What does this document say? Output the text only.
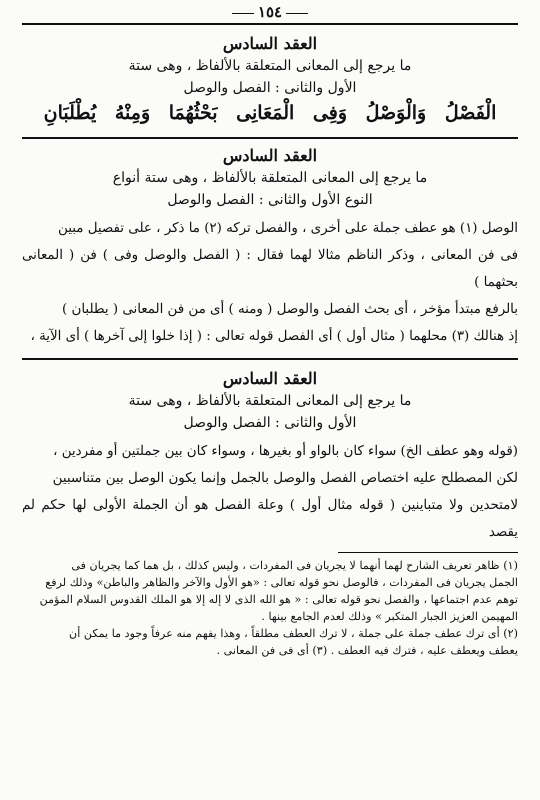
١٥٤
العقد السادس
ما يرجع إلى المعانى المتعلقة بالألفاظ ، وهى ستة
الأول والثانى : الفصل والوصل
الْفَصْلُ وَالْوَصْلُ وَفِى الْمَعَانِى بَحْثُهُمَا وَمِنْهُ يُطْلَبَانِ
العقد السادس
ما يرجع إلى المعانى المتعلقة بالألفاظ ، وهى ستة أنواع
النوع الأول والثانى : الفصل والوصل

الوصل (١) هو عطف جملة على أخرى ، والفصل تركه (٢) ما ذكر ، على تفصيل مبين

فى فن المعانى ، وذكر الناظم مثالا لهما فقال : ( الفصل والوصل وفى ) فن ( المعانى بحثهما )

بالرفع مبتدأ مؤخر ، أى بحث الفصل والوصل ( ومنه ) أى من فن المعانى ( يطلبان )

إذ هنالك (٣) محلهما ( مثال أول ) أى الفصل قوله تعالى : ( إذا خلوا إلى آخرها ) أى الآية ،

العقد السادس
ما يرجع إلى المعانى المتعلقة بالألفاظ ، وهى ستة
الأول والثانى : الفصل والوصل

(قوله وهو عطف الخ) سواء كان بالواو أو بغيرها ، وسواء كان بين جملتين أو مفردين ،

لكن المصطلح عليه اختصاص الفصل والوصل بالجمل وإنما يكون الوصل بين متناسبين

لامتحدين ولا متباينين ( قوله مثال أول ) وعلة الفصل هو أن الجملة الأولى لها حكم لم يقصد

(١) ظاهر تعريف الشارح لهما أنهما لا يجريان فى المفردات ، وليس كذلك ، بل هما كما يجريان فى

الجمل يجريان فى المفردات ، فالوصل نحو قوله تعالى : «هو الأول والآخر والظاهر والباطن» وذلك لرفع

توهم عدم اجتماعها ، والفصل نحو قوله تعالى : « هو الله الذى لا إله إلا هو الملك القدوس السلام المؤمن

المهيمن العزيز الجبار المتكبر » وذلك لعدم الجامع بينها .

(٢) أى ترك عطف جملة على جملة ، لا ترك العطف مطلقاً ، وهذا يفهم منه عرفاً وجود ما يمكن أن

يعطف ويعطف عليه ، فترك فيه العطف . (٣) أى فى فن المعانى .
